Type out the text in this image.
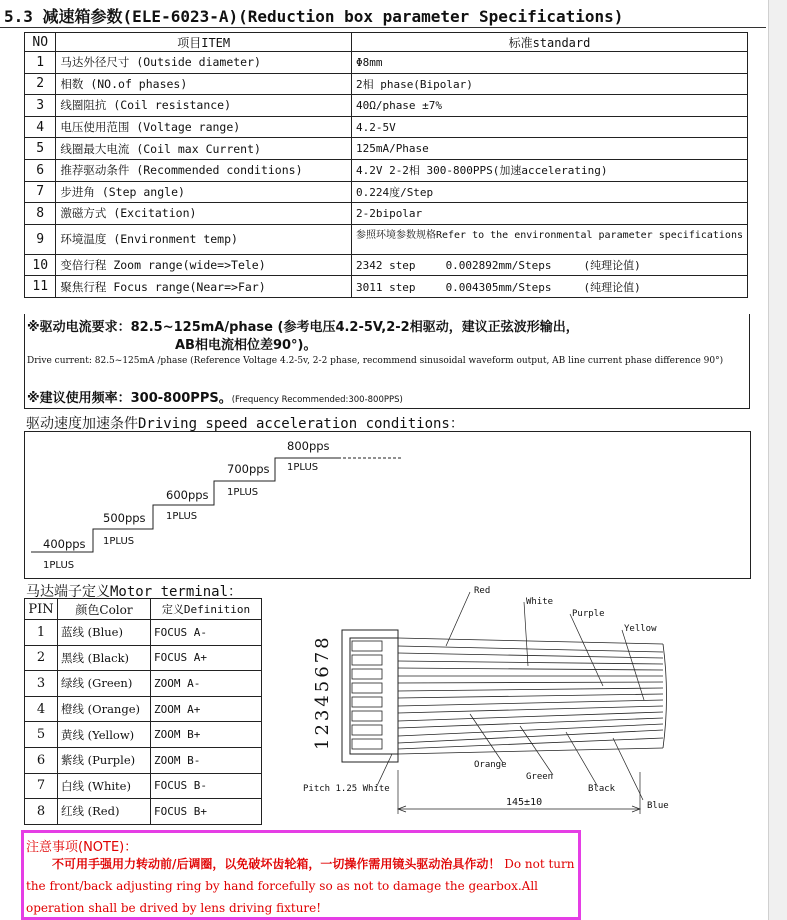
5.3 减速箱参数(ELE-6023-A)(Reduction box parameter Specifications)
NO	项目ITEM	标准standard
1	马达外径尺寸 (Outside diameter)	Φ8mm
2	相数 (NO.of phases)	2相 phase(Bipolar)
3	线圈阻抗 (Coil resistance)	40Ω/phase ±7%
4	电压使用范围 (Voltage range)	4.2-5V
5	线圈最大电流 (Coil max Current)	125mA/Phase
6	推荐驱动条件 (Recommended conditions)	4.2V 2-2相 300-800PPS(加速accelerating)
7	步进角 (Step angle)	0.224度/Step
8	激磁方式 (Excitation)	2-2bipolar
9	环境温度 (Environment temp)	参照环境参数规格Refer to the environmental parameter specifications
10	变倍行程 Zoom range(wide=>Tele)	2342 step 0.002892mm/Steps (纯理论值)
11	聚焦行程 Focus range(Near=>Far)	3011 step 0.004305mm/Steps (纯理论值)
※驱动电流要求：82.5~125mA/phase (参考电压4.2-5V,2-2相驱动，建议正弦波形输出，
AB相电流相位差90°)。
Drive current: 82.5~125mA /phase (Reference Voltage 4.2-5v, 2-2 phase, recommend sinusoidal waveform output, AB line current phase difference 90°)
※建议使用频率：300-800PPS。(Frequency Recommended:300-800PPS)
驱动速度加速条件Driving speed acceleration conditions：
400pps
1PLUS
500pps
1PLUS
600pps
1PLUS
700pps
1PLUS
800pps
1PLUS
马达端子定义Motor terminal：
PIN	颜色Color	定义Definition
1	蓝线 (Blue)	FOCUS A-
2	黑线 (Black)	FOCUS A+
3	绿线 (Green)	ZOOM A-
4	橙线 (Orange)	ZOOM A+
5	黄线 (Yellow)	ZOOM B+
6	紫线 (Purple)	ZOOM B-
7	白线 (White)	FOCUS B-
8	红线 (Red)	FOCUS B+
12345678
Red
White
Purple
Yellow
Orange
Green
Black
Blue
Pitch 1.25 White
145±10
注意事项(NOTE)：
不可用手强用力转动前/后调圈，以免破坏齿轮箱，一切操作需用镜头驱动治具作动！ Do not turn the front/back adjusting ring by hand forcefully so as not to damage the gearbox.All operation shall be drived by lens driving fixture!
